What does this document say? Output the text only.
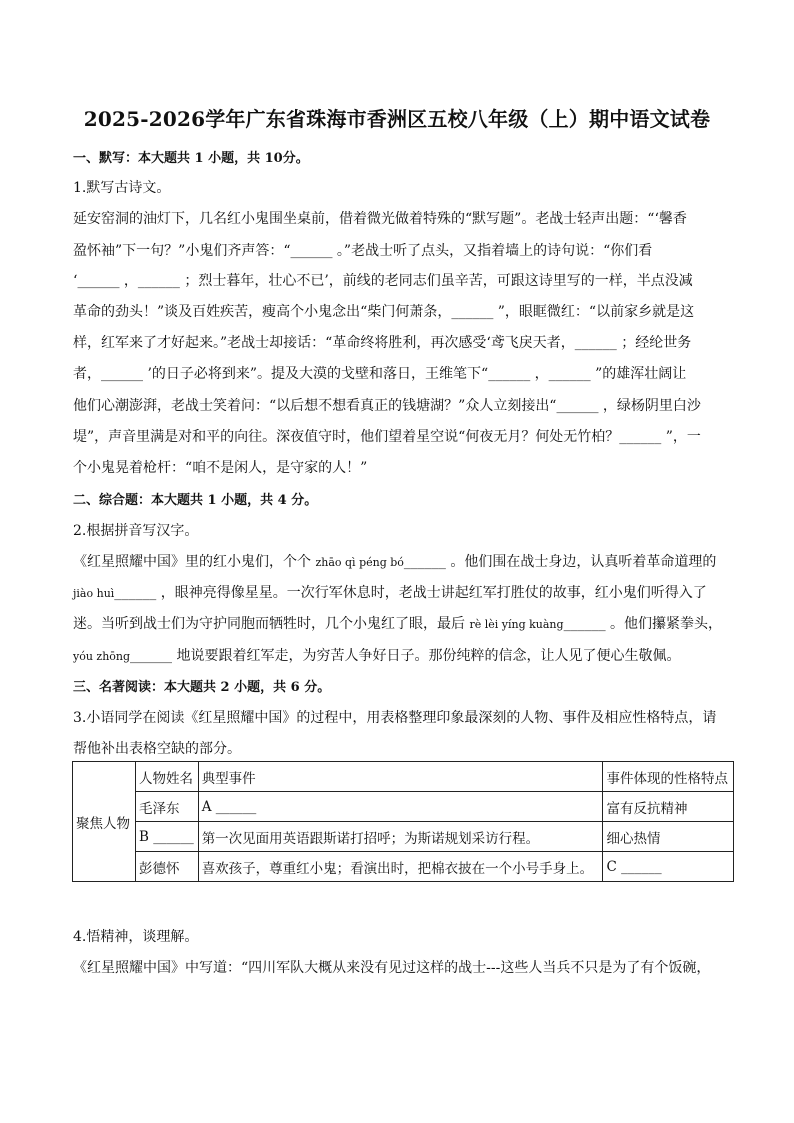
2025-2026学年广东省珠海市香洲区五校八年级（上）期中语文试卷
一、默写：本大题共 1 小题，共 10分。
1.默写古诗文。
延安窑洞的油灯下，几名红小鬼围坐桌前，借着微光做着特殊的“默写题”。老战士轻声出题：“‘馨香
盈怀袖”下一句？”小鬼们齐声答：“______ 。”老战士听了点头，又指着墙上的诗句说：“你们看
‘______ ，______ ；烈士暮年，壮心不已’，前线的老同志们虽辛苦，可跟这诗里写的一样，半点没减
革命的劲头！”谈及百姓疾苦，瘦高个小鬼念出“柴门何萧条，______ ”，眼眶微红：“以前家乡就是这
样，红军来了才好起来。”老战士却接话：“革命终将胜利，再次感受‘鸢飞戾天者，______ ；经纶世务
者，______ ’的日子必将到来”。提及大漠的戈壁和落日，王维笔下“______ ，______ ”的雄浑壮阔让
他们心潮澎湃，老战士笑着问：“以后想不想看真正的钱塘湖？”众人立刻接出“______ ，绿杨阴里白沙
堤”，声音里满是对和平的向往。深夜值守时，他们望着星空说“何夜无月？何处无竹柏？______ ”，一
个小鬼晃着枪杆：“咱不是闲人，是守家的人！”
二、综合题：本大题共 1 小题，共 4 分。
2.根据拼音写汉字。
《红星照耀中国》里的红小鬼们，个个 zhāo qì péng bó______ 。他们围在战士身边，认真听着革命道理的
jiào huì______ ，眼神亮得像星星。一次行军休息时，老战士讲起红军打胜仗的故事，红小鬼们听得入了
迷。当听到战士们为守护同胞而牺牲时，几个小鬼红了眼，最后 rè lèi yíng kuàng______ 。他们攥紧拳头，
yóu zhōng______ 地说要跟着红军走，为穷苦人争好日子。那份纯粹的信念，让人见了便心生敬佩。
三、名著阅读：本大题共 2 小题，共 6 分。
3.小语同学在阅读《红星照耀中国》的过程中，用表格整理印象最深刻的人物、事件及相应性格特点，请
帮他补出表格空缺的部分。
聚焦人物	人物姓名	典型事件	事件体现的性格特点
	毛泽东	A ______	富有反抗精神
	B ______	第一次见面用英语跟斯诺打招呼；为斯诺规划采访行程。	细心热情
	彭德怀	喜欢孩子，尊重红小鬼；看演出时，把棉衣披在一个小号手身上。	C ______
4.悟精神，谈理解。
《红星照耀中国》中写道：“四川军队大概从来没有见过这样的战士---这些人当兵不只是为了有个饭碗，
